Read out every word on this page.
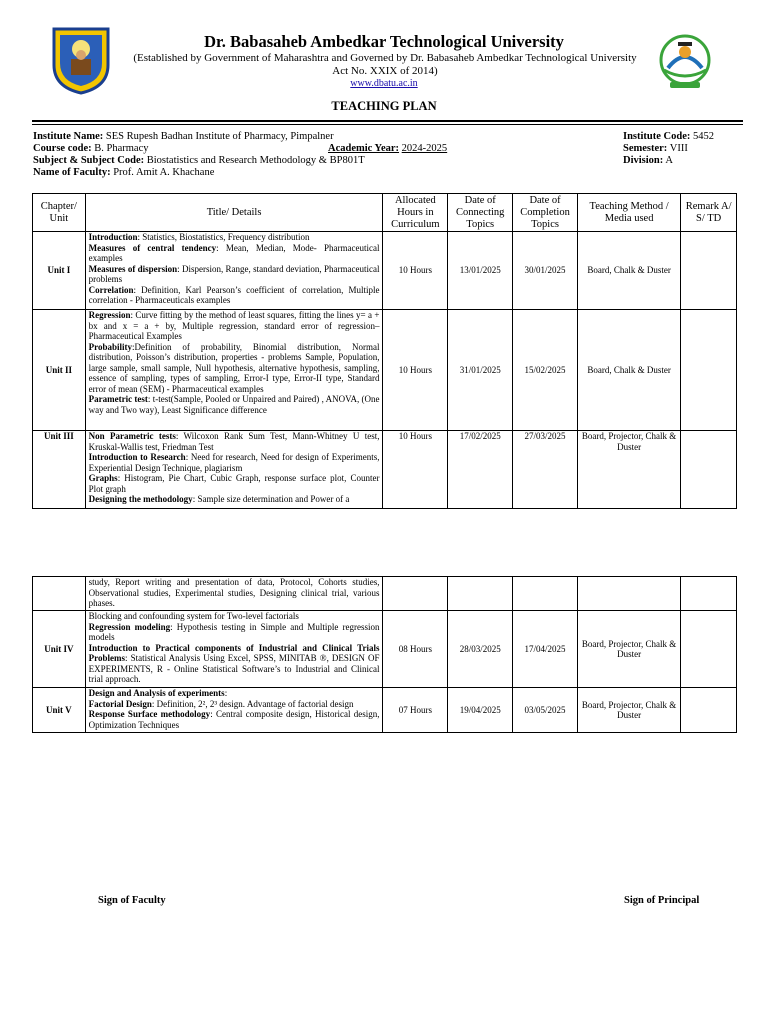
Dr. Babasaheb Ambedkar Technological University
(Established by Government of Maharashtra and Governed by Dr. Babasaheb Ambedkar Technological University
Act No. XXIX of 2014)
www.dbatu.ac.in
TEACHING PLAN
Institute Name: SES Rupesh Badhan Institute of Pharmacy, Pimpalner	Institute Code: 5452
Course code: B. Pharmacy	Academic Year: 2024-2025	Semester: VIII
Subject & Subject Code: Biostatistics and Research Methodology & BP801T	Division: A
Name of Faculty: Prof. Amit A. Khachane
Chapter/ Unit	Title/ Details	Allocated Hours in Curriculum	Date of Connecting Topics	Date of Completion Topics	Teaching Method / Media used	Remark A/ S/ TD
Unit I	Introduction: Statistics, Biostatistics, Frequency distribution
Measures of central tendency: Mean, Median, Mode- Pharmaceutical examples
Measures of dispersion: Dispersion, Range, standard deviation, Pharmaceutical problems
Correlation: Definition, Karl Pearson’s coefficient of correlation, Multiple correlation - Pharmaceuticals examples	10 Hours	13/01/2025	30/01/2025	Board, Chalk & Duster	
Unit II	Regression: Curve fitting by the method of least squares, fitting the lines y= a + bx and x = a + by, Multiple regression, standard error of regression– Pharmaceutical Examples
Probability:Definition of probability, Binomial distribution, Normal distribution, Poisson’s distribution, properties - problems Sample, Population, large sample, small sample, Null hypothesis, alternative hypothesis, sampling, essence of sampling, types of sampling, Error-I type, Error-II type, Standard error of mean (SEM) - Pharmaceutical examples
Parametric test: t-test(Sample, Pooled or Unpaired and Paired) , ANOVA, (One way and Two way), Least Significance difference	10 Hours	31/01/2025	15/02/2025	Board, Chalk & Duster	
Unit III	Non Parametric tests: Wilcoxon Rank Sum Test, Mann-Whitney U test, Kruskal-Wallis test, Friedman Test
Introduction to Research: Need for research, Need for design of Experiments, Experiential Design Technique, plagiarism
Graphs: Histogram, Pie Chart, Cubic Graph, response surface plot, Counter Plot graph
Designing the methodology: Sample size determination and Power of a	10 Hours	17/02/2025	27/03/2025	Board, Projector, Chalk & Duster	
	study, Report writing and presentation of data, Protocol, Cohorts studies, Observational studies, Experimental studies, Designing clinical trial, various phases.					
Unit IV	Blocking and confounding system for Two-level factorials
Regression modeling: Hypothesis testing in Simple and Multiple regression models
Introduction to Practical components of Industrial and Clinical Trials Problems: Statistical Analysis Using Excel, SPSS, MINITAB ®, DESIGN OF EXPERIMENTS, R - Online Statistical Software’s to Industrial and Clinical trial approach.	08 Hours	28/03/2025	17/04/2025	Board, Projector, Chalk & Duster	
Unit V	Design and Analysis of experiments:
Factorial Design: Definition, 2², 2³ design. Advantage of factorial design
Response Surface methodology: Central composite design, Historical design, Optimization Techniques	07 Hours	19/04/2025	03/05/2025	Board, Projector, Chalk & Duster	
Sign of Faculty	Sign of Principal
